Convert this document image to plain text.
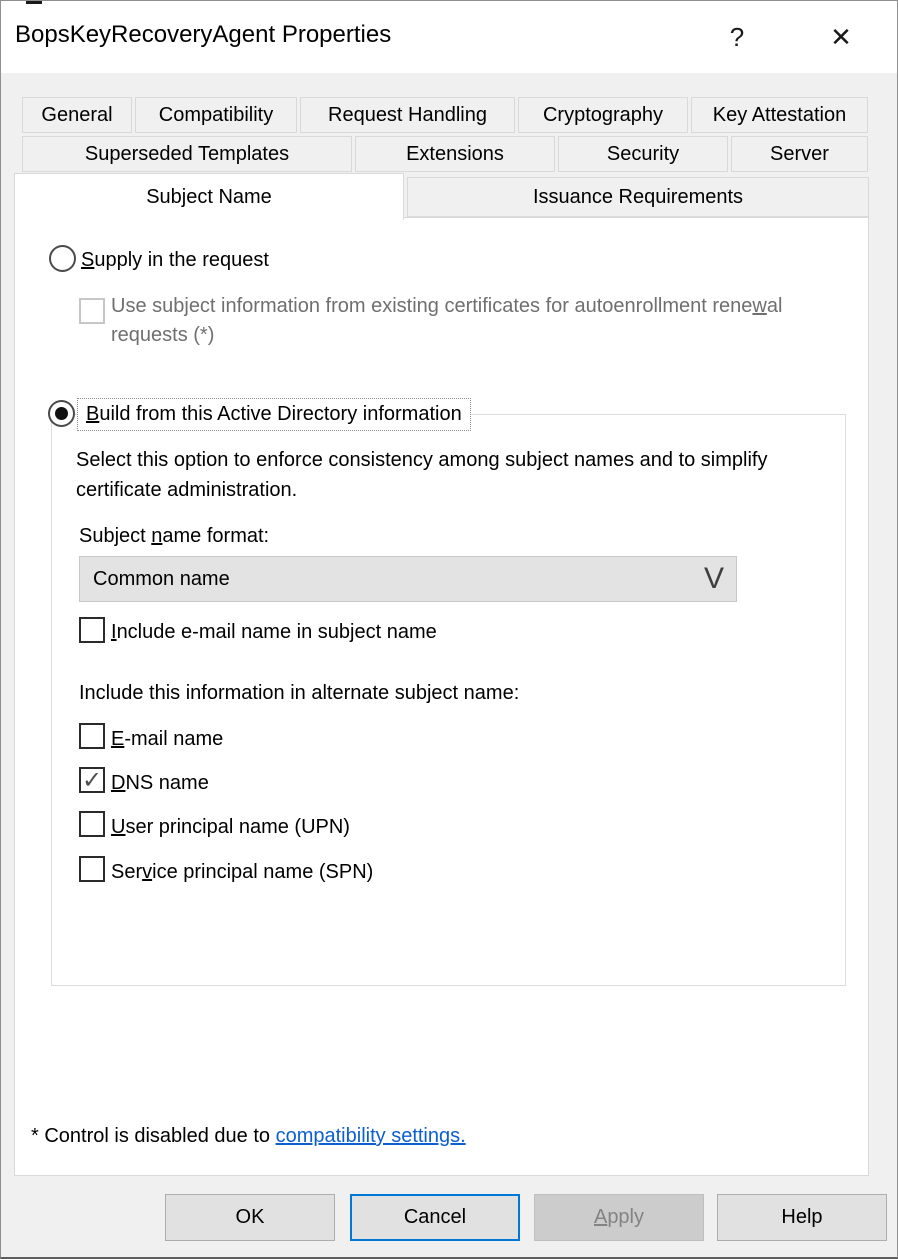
BopsKeyRecoveryAgent Properties	?	✕
General	Compatibility	Request Handling	Cryptography	Key Attestation
Superseded Templates	Extensions	Security	Server
Issuance Requirements
Subject Name
Supply in the request
Use subject information from existing certificates for autoenrollment renewal requests (*)
Build from this Active Directory information
Select this option to enforce consistency among subject names and to simplify certificate administration.
Subject name format:
Common name	V
Include e-mail name in subject name
Include this information in alternate subject name:
E-mail name
✓ DNS name
User principal name (UPN)
Service principal name (SPN)
* Control is disabled due to compatibility settings.
OK	Cancel	Apply	Help
